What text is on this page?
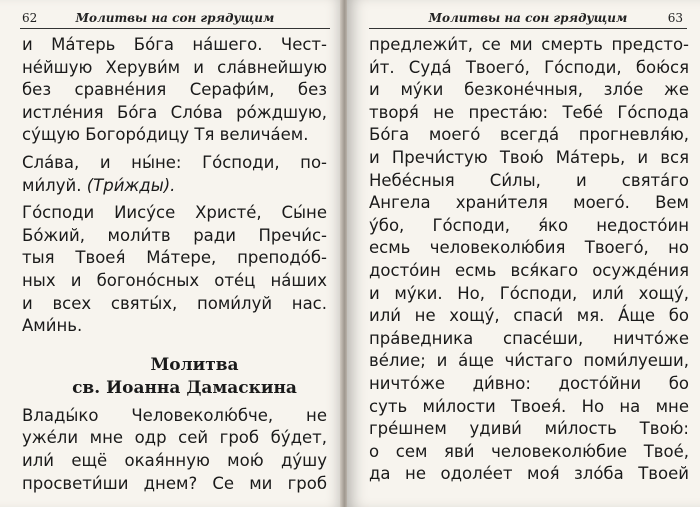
62	Молитвы на сон грядущим
и Ма́терь Бо́га на́шего. Чест-
не́йшую Херуви́м и сла́внейшую
без сравне́ния Серафи́м, без
истле́ния Бо́га Сло́ва ро́ждшую,
су́щую Богоро́дицу Тя велича́ем.
Сла́ва, и ны́не: Го́споди, по-
ми́луй. (Три́жды).
Го́споди Иису́се Христе́, Сы́не
Бо́жий, моли́тв ради Пречи́с-
тыя Твоея́ Ма́тере, преподо́б-
ных и богоно́сных оте́ц на́ших
и всех святы́х, поми́луй нас.
Ами́нь.
Молитва
св. Иоанна Дамаскина
Влады́ко Человеколю́бче, не
уже́ли мне одр сей гроб бу́дет,
или́ ещё окая́нную мою́ ду́шу
просвети́ши днем? Се ми гроб
Молитвы на сон грядущим	63
предлежи́т, се ми смерть предсто-
и́т. Суда́ Твоего́, Го́споди, бою́ся
и му́ки безконе́чныя, зло́е же
творя́ не преста́ю: Тебе́ Го́спода
Бо́га моего́ всегда́ прогневля́ю,
и Пречи́стую Твою́ Ма́терь, и вся
Небе́сныя Си́лы, и свята́го
Ангела храни́теля моего́. Вем
у́бо, Го́споди, я́ко недосто́ин
есмь человеколю́бия Твоего́, но
досто́ин есмь вся́каго осужде́ния
и му́ки. Но, Го́споди, или́ хощу́,
или́ не хощу́, спаси́ мя. А́ще бо
пра́ведника спасе́ши, ничто́же
ве́лие; и а́ще чи́стаго поми́луеши,
ничто́же ди́вно: досто́йни бо
суть ми́лости Твоея́. Но на мне
гре́шнем удиви́ ми́лость Твою́:
о сем яви́ человеколю́бие Твое́,
да не одоле́ет моя́ зло́ба Твоей
